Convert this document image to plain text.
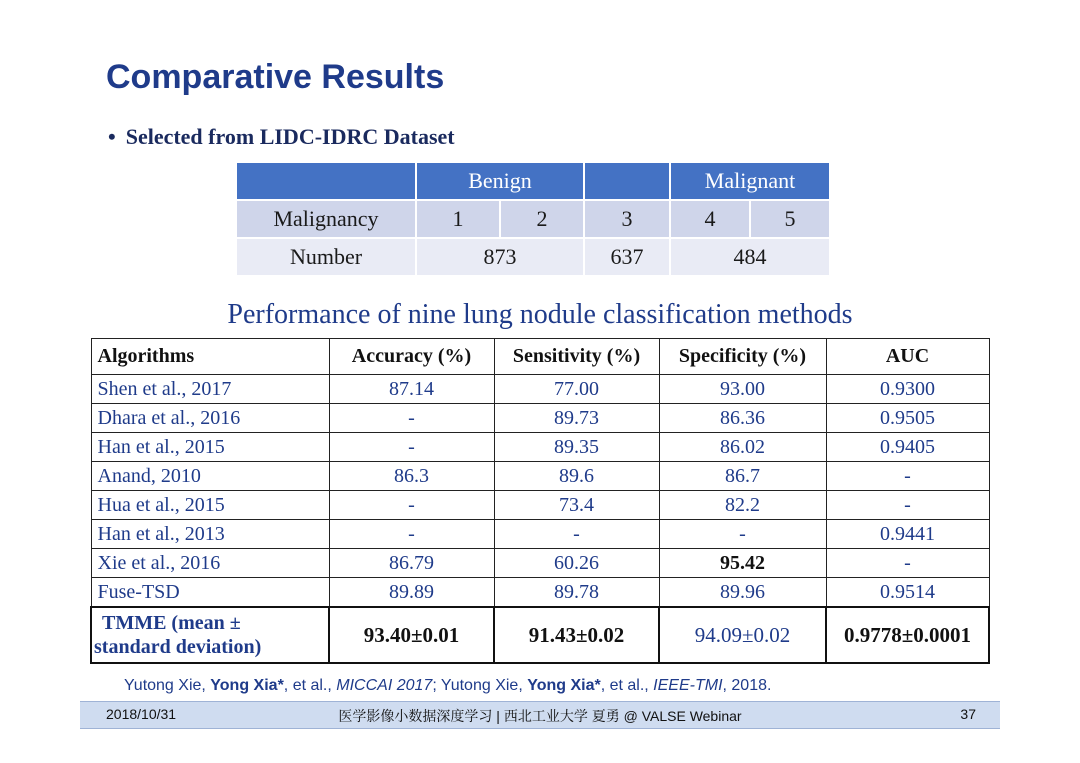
Comparative Results
• Selected from LIDC-IDRC Dataset
	Benign			Malignant	
Malignancy	1	2	3	4	5
Number	873		637	484	
Performance of nine lung nodule classification methods
Algorithms	Accuracy (%)	Sensitivity (%)	Specificity (%)	AUC
Shen et al., 2017	87.14	77.00	93.00	0.9300
Dhara et al., 2016	-	89.73	86.36	0.9505
Han et al., 2015	-	89.35	86.02	0.9405
Anand, 2010	86.3	89.6	86.7	-
Hua et al., 2015	-	73.4	82.2	-
Han et al., 2013	-	-	-	0.9441
Xie et al., 2016	86.79	60.26	95.42	-
Fuse-TSD	89.89	89.78	89.96	0.9514
TMME (mean ±
standard deviation)	93.40±0.01	91.43±0.02	94.09±0.02	0.9778±0.0001
Yutong Xie, Yong Xia*, et al., MICCAI 2017; Yutong Xie, Yong Xia*, et al., IEEE-TMI, 2018.
2018/10/31	医学影像小数据深度学习 | 西北工业大学 夏勇 @ VALSE Webinar	37
